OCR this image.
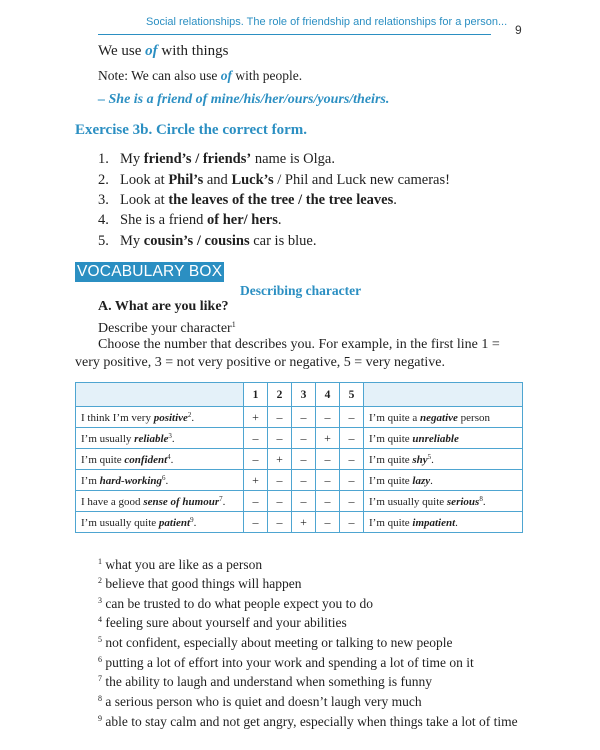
Social relationships. The role of friendship and relationships for a person...
9
We use of with things
Note: We can also use of with people.
– She is a friend of mine/his/her/ours/yours/theirs.
Exercise 3b. Circle the correct form.
1. My friend’s / friends’ name is Olga.
2. Look at Phil’s and Luck’s / Phil and Luck new cameras!
3. Look at the leaves of the tree / the tree leaves.
4. She is a friend of her/ hers.
5. My cousin’s / cousins car is blue.
VOCABULARY BOX
Describing character
A. What are you like?
Describe your character$^1$
Choose the number that describes you. For example, in the first line 1 =
very positive, 3 = not very positive or negative, 5 = very negative.
	1	2	3	4	5	
I think I’m very positive$^2$.	+	–	–	–	–	I’m quite a negative person
I’m usually reliable$^3$.	–	–	–	+	–	I’m quite unreliable
I’m quite confident$^4$.	–	+	–	–	–	I’m quite shy$^5$.
I’m hard-working$^6$.	+	–	–	–	–	I’m quite lazy.
I have a good sense of humour$^7$.	–	–	–	–	–	I’m usually quite serious$^8$.
I’m usually quite patient$^9$.	–	–	+	–	–	I’m quite impatient.
$^1$ what you are like as a person
$^2$ believe that good things will happen
$^3$ can be trusted to do what people expect you to do
$^4$ feeling sure about yourself and your abilities
$^5$ not confident, especially about meeting or talking to new people
$^6$ putting a lot of effort into your work and spending a lot of time on it
$^7$ the ability to laugh and understand when something is funny
$^8$ a serious person who is quiet and doesn’t laugh very much
$^9$ able to stay calm and not get angry, especially when things take a lot of time
